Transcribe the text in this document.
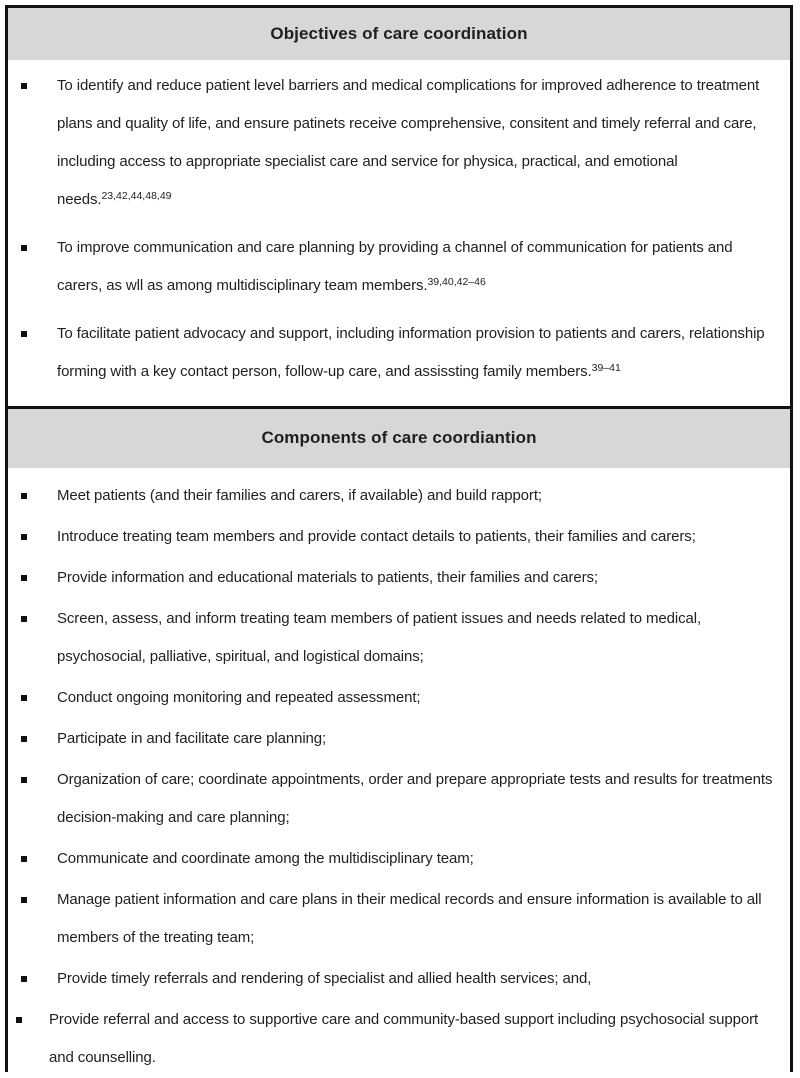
Objectives of care coordination
To identify and reduce patient level barriers and medical complications for improved adherence to treatment plans and quality of life, and ensure patinets receive comprehensive, consitent and timely referral and care, including access to appropriate specialist care and service for physica, practical, and emotional needs.$^{23,42,44,48,49}$
To improve communication and care planning by providing a channel of communication for patients and carers, as wll as among multidisciplinary team members.$^{39,40,42-46}$
To facilitate patient advocacy and support, including information provision to patients and carers, relationship forming with a key contact person, follow-up care, and assissting family members.$^{39-41}$
Components of care coordiantion
Meet patients (and their families and carers, if available) and build rapport;
Introduce treating team members and provide contact details to patients, their families and carers;
Provide information and educational materials to patients, their families and carers;
Screen, assess, and inform treating team members of patient issues and needs related to medical, psychosocial, palliative, spiritual, and logistical domains;
Conduct ongoing monitoring and repeated assessment;
Participate in and facilitate care planning;
Organization of care; coordinate appointments, order and prepare appropriate tests and results for treatments decision-making and care planning;
Communicate and coordinate among the multidisciplinary team;
Manage patient information and care plans in their medical records and ensure information is available to all members of the treating team;
Provide timely referrals and rendering of specialist and allied health services; and,
Provide referral and access to supportive care and community-based support including psychosocial support and counselling.
